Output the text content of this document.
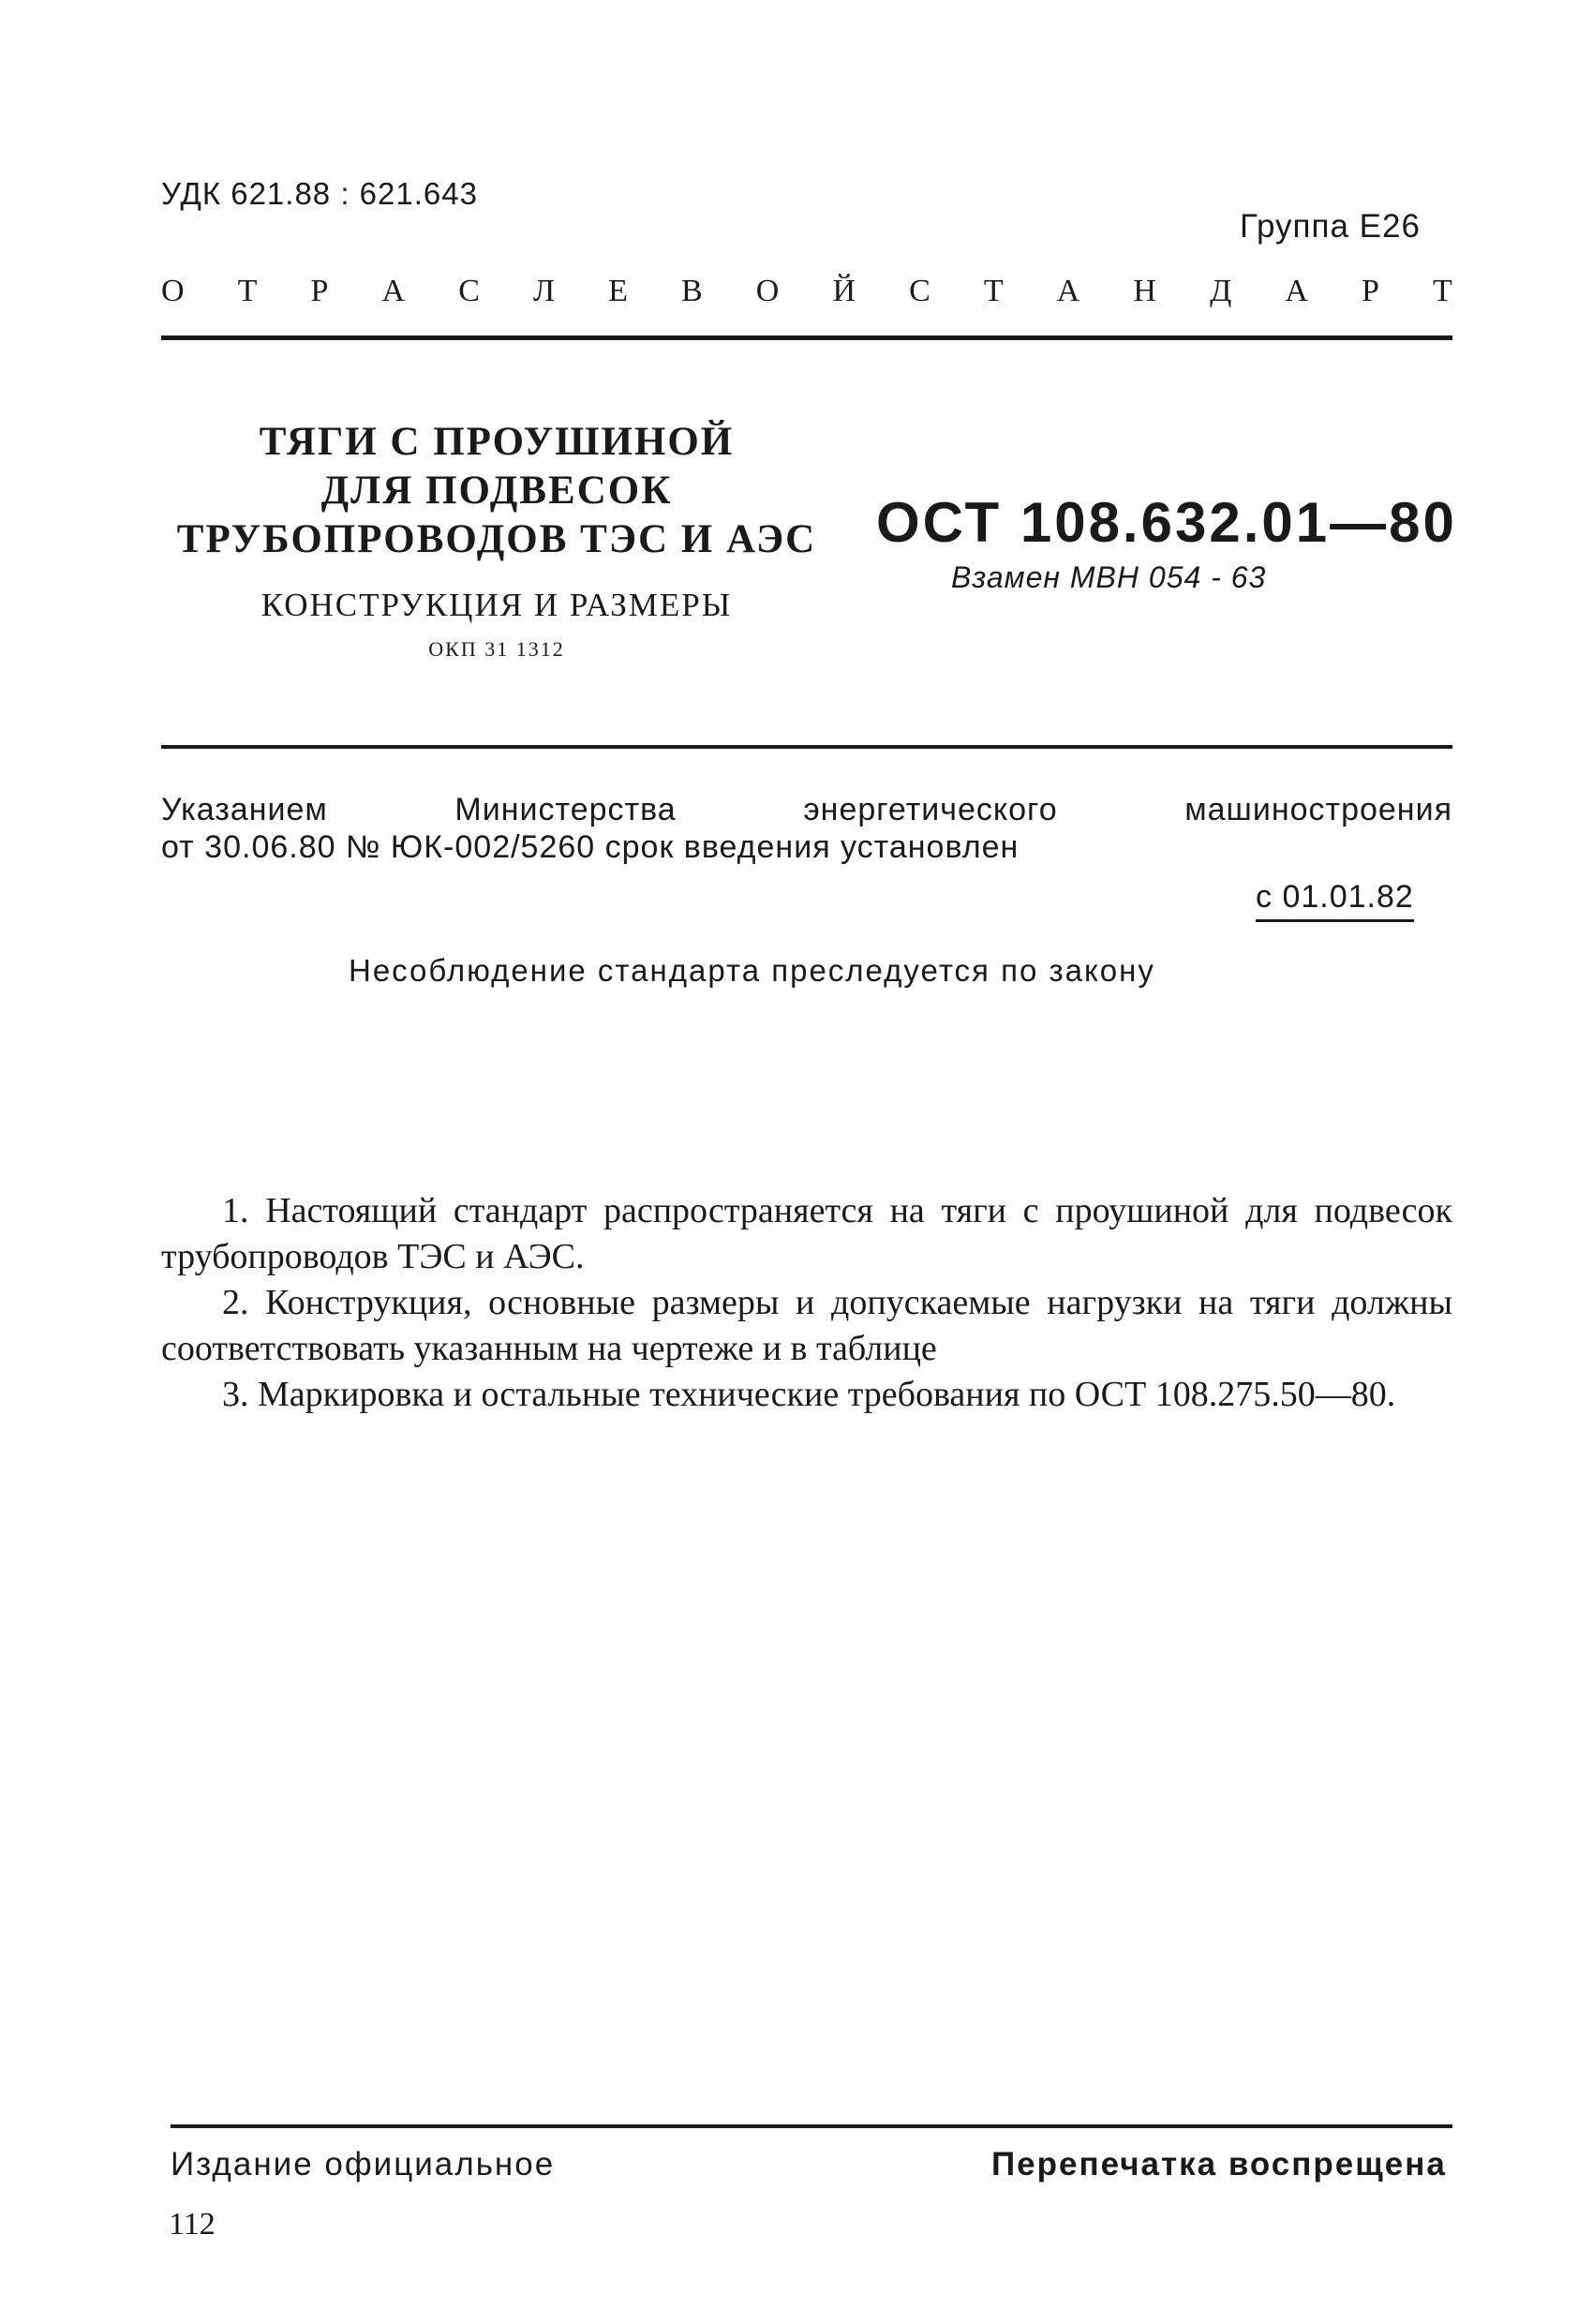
УДК 621.88 : 621.643
Группа Е26
О Т Р А С Л Е В О Й С Т А Н Д А Р Т
ТЯГИ С ПРОУШИНОЙ
ДЛЯ ПОДВЕСОК
ТРУБОПРОВОДОВ ТЭС И АЭС
КОНСТРУКЦИЯ И РАЗМЕРЫ
ОКП 31 1312
ОСТ 108.632.01—80
Взамен МВН 054 - 63
Указанием	Министерства	энергетического	машиностроения
от 30.06.80 № ЮК-002/5260 срок введения установлен
с 01.01.82
Несоблюдение стандарта преследуется по закону

1. Настоящий стандарт распространяется на тяги с проушиной для подвесок трубопроводов ТЭС и АЭС.

2. Конструкция, основные размеры и допускаемые нагрузки на тяги должны соответствовать указанным на чертеже и в таблице

3. Маркировка и остальные технические требования по ОСТ 108.275.50—80.

Издание официальное	Перепечатка воспрещена
112
